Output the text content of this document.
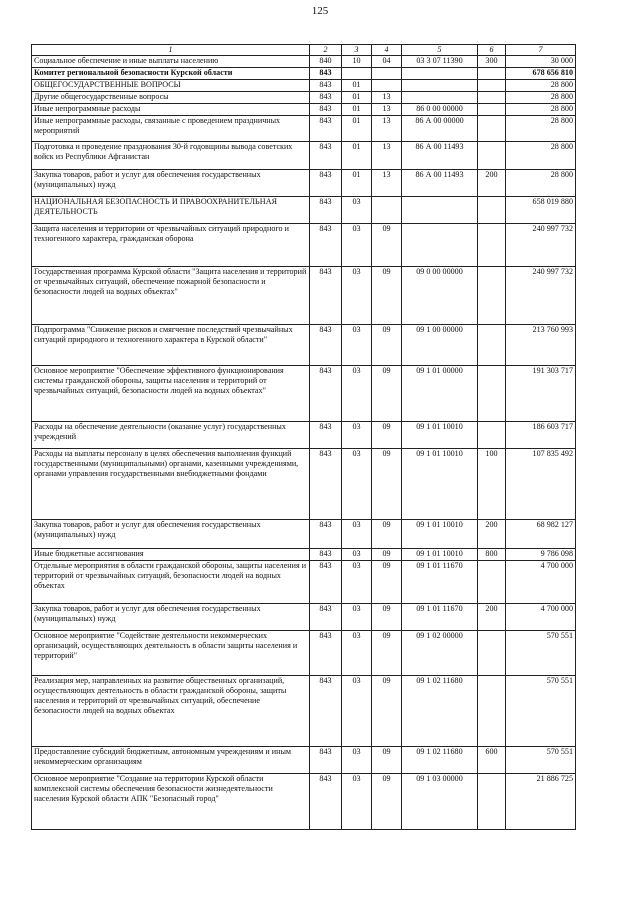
125
1	2	3	4	5	6	7
Социальное обеспечение и иные выплаты населению	840	10	04	03 3 07 11390	300	30 000
Комитет региональной безопасности Курской области	843					678 656 810
ОБЩЕГОСУДАРСТВЕННЫЕ ВОПРОСЫ	843	01				28 800
Другие общегосударственные вопросы	843	01	13			28 800
Иные непрограммные расходы	843	01	13	86 0 00 00000		28 800
Иные непрограммные расходы, связанные с проведением праздничных мероприятий	843	01	13	86 А 00 00000		28 800
Подготовка и проведение празднования 30-й годовщины вывода советских войск из Республики Афганистан	843	01	13	86 А 00 11493		28 800
Закупка товаров, работ и услуг для обеспечения государственных (муниципальных) нужд	843	01	13	86 А 00 11493	200	28 800
НАЦИОНАЛЬНАЯ БЕЗОПАСНОСТЬ И ПРАВООХРАНИТЕЛЬНАЯ ДЕЯТЕЛЬНОСТЬ	843	03				658 019 880
Защита населения и территории от чрезвычайных ситуаций природного и техногенного характера, гражданская оборона	843	03	09			240 997 732
Государственная программа Курской области "Защита населения и территорий от чрезвычайных ситуаций, обеспечение пожарной безопасности и безопасности людей на водных объектах"	843	03	09	09 0 00 00000		240 997 732
Подпрограмма "Снижение рисков и смягчение последствий чрезвычайных ситуаций природного и техногенного характера в Курской области"	843	03	09	09 1 00 00000		213 760 993
Основное мероприятие "Обеспечение эффективного функционирования системы гражданской обороны, защиты населения и территорий от чрезвычайных ситуаций, безопасности людей на водных объектах"	843	03	09	09 1 01 00000		191 303 717
Расходы на обеспечение деятельности (оказание услуг) государственных учреждений	843	03	09	09 1 01 10010		186 603 717
Расходы на выплаты персоналу в целях обеспечения выполнения функций государственными (муниципальными) органами, казенными учреждениями, органами управления государственными внебюджетными фондами	843	03	09	09 1 01 10010	100	107 835 492
Закупка товаров, работ и услуг для обеспечения государственных (муниципальных) нужд	843	03	09	09 1 01 10010	200	68 982 127
Иные бюджетные ассигнования	843	03	09	09 1 01 10010	800	9 786 098
Отдельные мероприятия в области гражданской обороны, защиты населения и территорий от чрезвычайных ситуаций, безопасности людей на водных объектах	843	03	09	09 1 01 11670		4 700 000
Закупка товаров, работ и услуг для обеспечения государственных (муниципальных) нужд	843	03	09	09 1 01 11670	200	4 700 000
Основное мероприятие "Содействие деятельности некоммерческих организаций, осуществляющих деятельность в области защиты населения и территорий"	843	03	09	09 1 02 00000		570 551
Реализация мер, направленных на развитие общественных организаций, осуществляющих деятельность в области гражданской обороны, защиты населения и территорий от чрезвычайных ситуаций, обеспечение безопасности людей на водных объектах	843	03	09	09 1 02 11680		570 551
Предоставление субсидий бюджетным, автономным учреждениям и иным некоммерческим организациям	843	03	09	09 1 02 11680	600	570 551
Основное мероприятие "Создание на территории Курской области комплексной системы обеспечения безопасности жизнедеятельности населения Курской области АПК "Безопасный город"	843	03	09	09 1 03 00000		21 886 725
